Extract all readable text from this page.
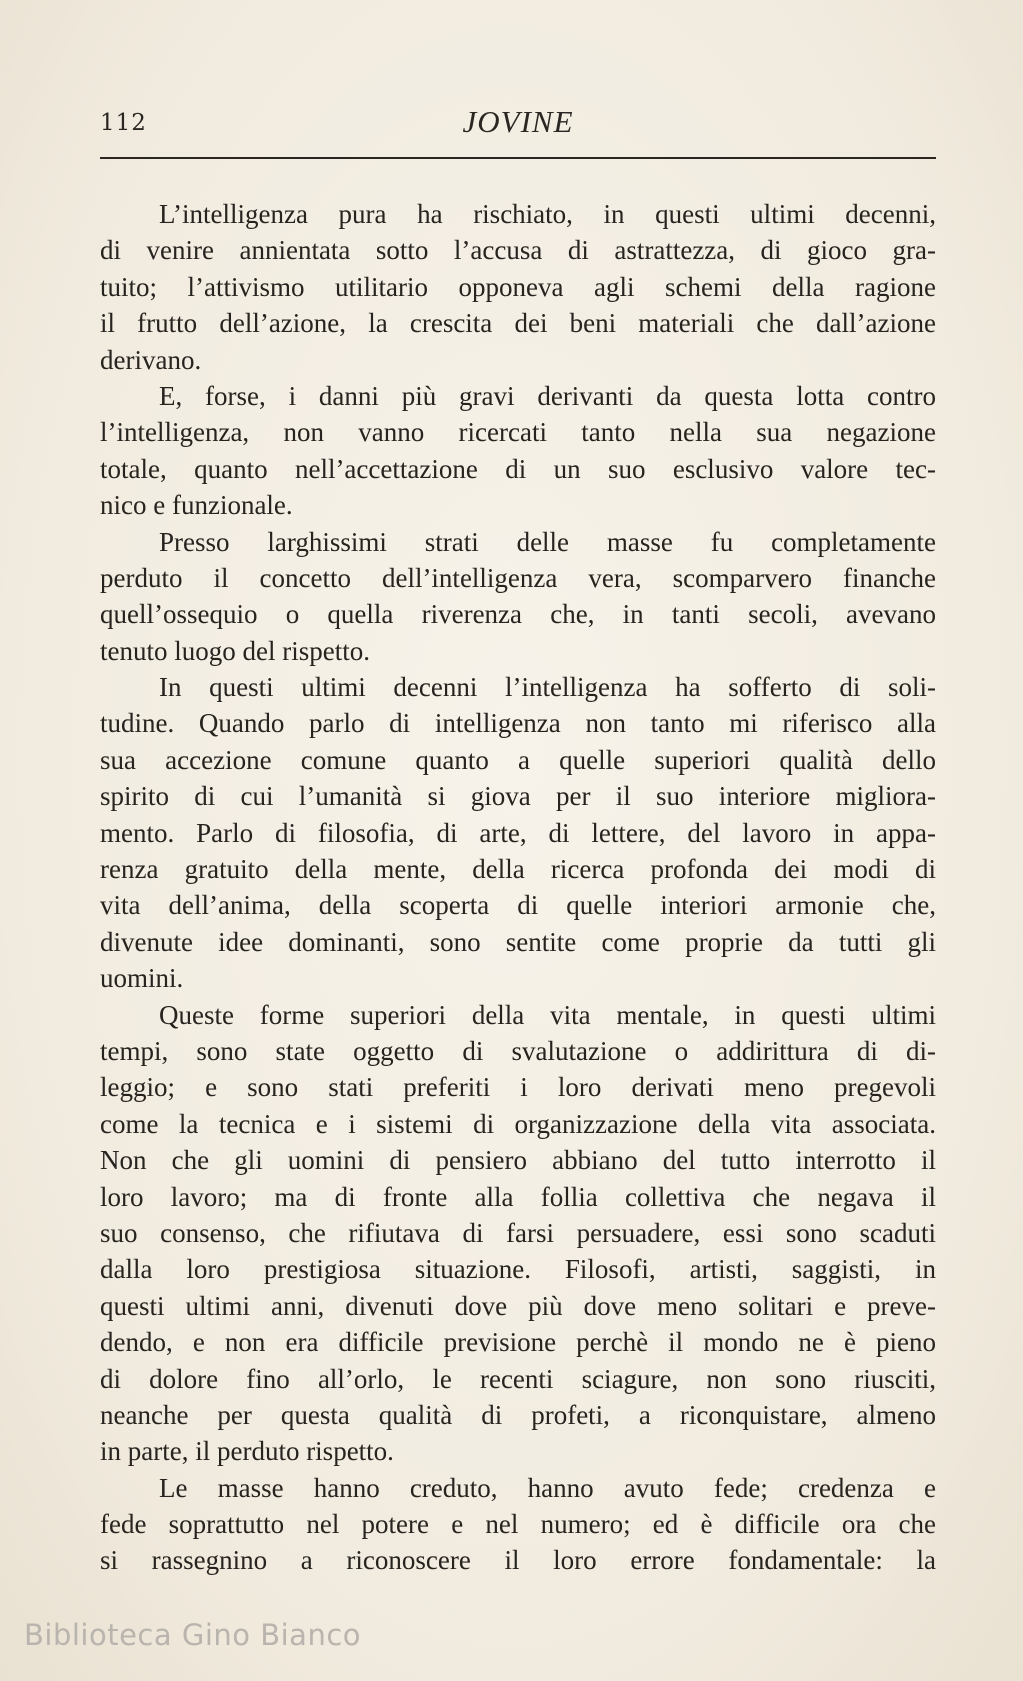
112	JOVINE
L’intelligenza pura ha rischiato, in questi ultimi decenni,
di venire annientata sotto l’accusa di astrattezza, di gioco gra-
tuito; l’attivismo utilitario opponeva agli schemi della ragione
il frutto dell’azione, la crescita dei beni materiali che dall’azione
derivano.
E, forse, i danni più gravi derivanti da questa lotta contro
l’intelligenza, non vanno ricercati tanto nella sua negazione
totale, quanto nell’accettazione di un suo esclusivo valore tec-
nico e funzionale.
Presso larghissimi strati delle masse fu completamente
perduto il concetto dell’intelligenza vera, scomparvero finanche
quell’ossequio o quella riverenza che, in tanti secoli, avevano
tenuto luogo del rispetto.
In questi ultimi decenni l’intelligenza ha sofferto di soli-
tudine. Quando parlo di intelligenza non tanto mi riferisco alla
sua accezione comune quanto a quelle superiori qualità dello
spirito di cui l’umanità si giova per il suo interiore migliora-
mento. Parlo di filosofia, di arte, di lettere, del lavoro in appa-
renza gratuito della mente, della ricerca profonda dei modi di
vita dell’anima, della scoperta di quelle interiori armonie che,
divenute idee dominanti, sono sentite come proprie da tutti gli
uomini.
Queste forme superiori della vita mentale, in questi ultimi
tempi, sono state oggetto di svalutazione o addirittura di di-
leggio; e sono stati preferiti i loro derivati meno pregevoli
come la tecnica e i sistemi di organizzazione della vita associata.
Non che gli uomini di pensiero abbiano del tutto interrotto il
loro lavoro; ma di fronte alla follia collettiva che negava il
suo consenso, che rifiutava di farsi persuadere, essi sono scaduti
dalla loro prestigiosa situazione. Filosofi, artisti, saggisti, in
questi ultimi anni, divenuti dove più dove meno solitari e preve-
dendo, e non era difficile previsione perchè il mondo ne è pieno
di dolore fino all’orlo, le recenti sciagure, non sono riusciti,
neanche per questa qualità di profeti, a riconquistare, almeno
in parte, il perduto rispetto.
Le masse hanno creduto, hanno avuto fede; credenza e
fede soprattutto nel potere e nel numero; ed è difficile ora che
si rassegnino a riconoscere il loro errore fondamentale: la
Biblioteca Gino Bianco
